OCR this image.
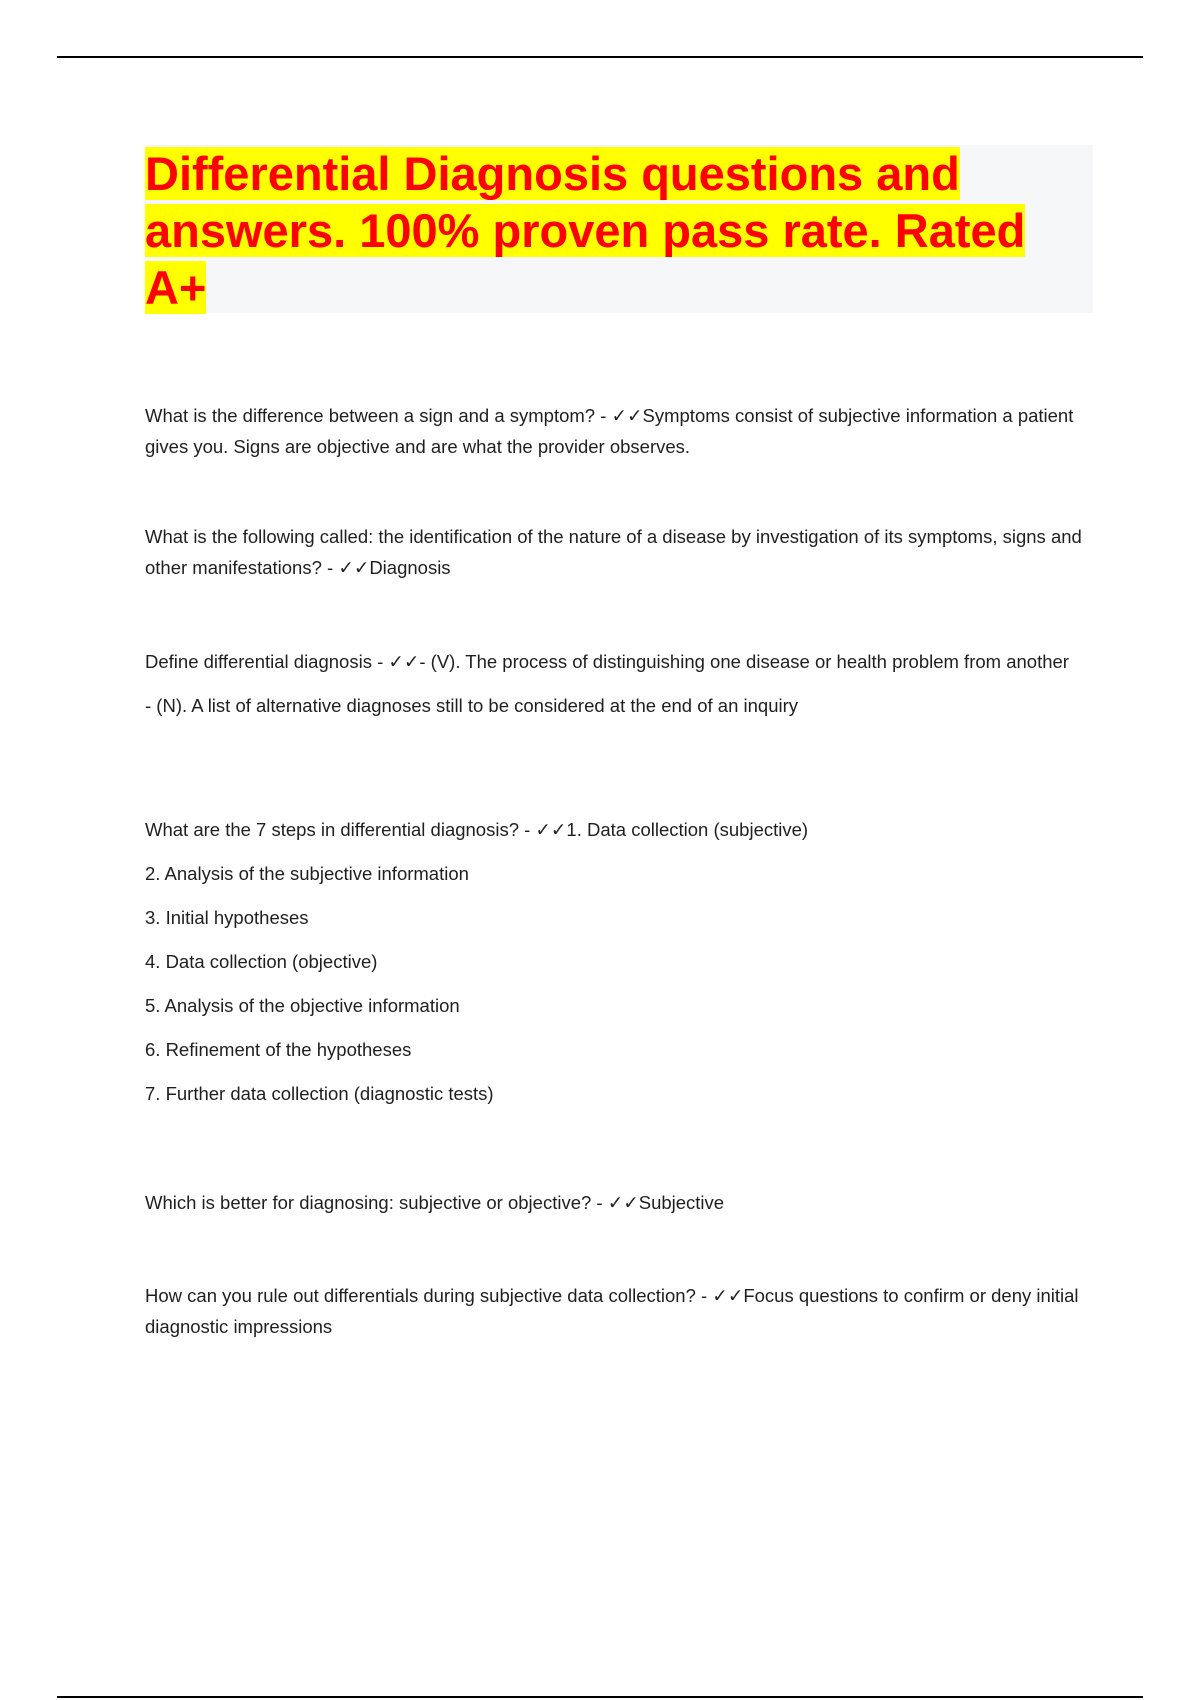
Differential Diagnosis questions and answers. 100% proven pass rate. Rated A+

What is the difference between a sign and a symptom? - ✓✓Symptoms consist of subjective information a patient gives you. Signs are objective and are what the provider observes.

What is the following called: the identification of the nature of a disease by investigation of its symptoms, signs and other manifestations? - ✓✓Diagnosis

Define differential diagnosis - ✓✓- (V). The process of distinguishing one disease or health problem from another

- (N). A list of alternative diagnoses still to be considered at the end of an inquiry

What are the 7 steps in differential diagnosis? - ✓✓1. Data collection (subjective)

2. Analysis of the subjective information

3. Initial hypotheses

4. Data collection (objective)

5. Analysis of the objective information

6. Refinement of the hypotheses

7. Further data collection (diagnostic tests)

Which is better for diagnosing: subjective or objective? - ✓✓Subjective

How can you rule out differentials during subjective data collection? - ✓✓Focus questions to confirm or deny initial diagnostic impressions
